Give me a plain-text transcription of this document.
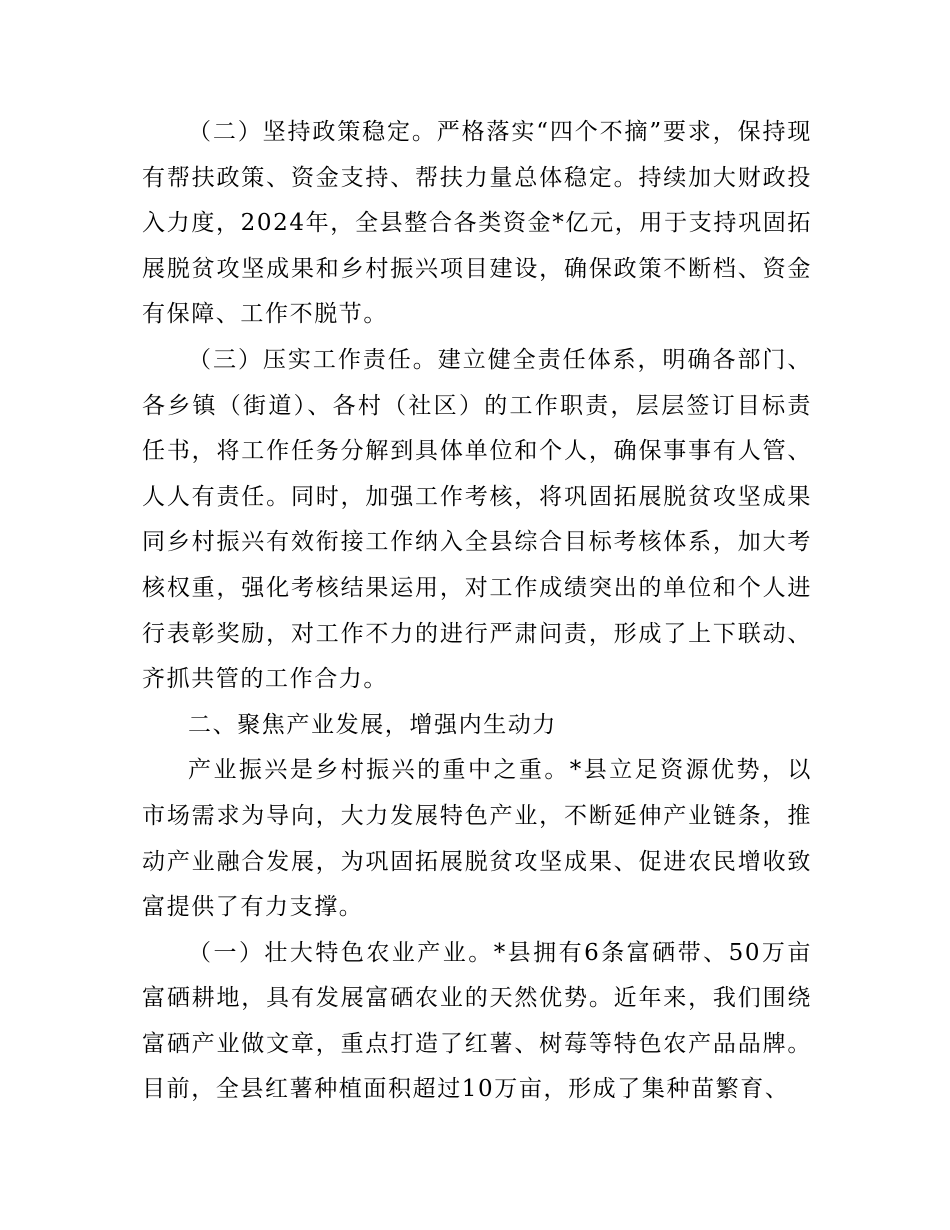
（二）坚持政策稳定。严格落实“四个不摘”要求，保持现有帮扶政策、资金支持、帮扶力量总体稳定。持续加大财政投入力度，2024年，全县整合各类资金*亿元，用于支持巩固拓展脱贫攻坚成果和乡村振兴项目建设，确保政策不断档、资金有保障、工作不脱节。

（三）压实工作责任。建立健全责任体系，明确各部门、各乡镇（街道）、各村（社区）的工作职责，层层签订目标责任书，将工作任务分解到具体单位和个人，确保事事有人管、人人有责任。同时，加强工作考核，将巩固拓展脱贫攻坚成果同乡村振兴有效衔接工作纳入全县综合目标考核体系，加大考核权重，强化考核结果运用，对工作成绩突出的单位和个人进行表彰奖励，对工作不力的进行严肃问责，形成了上下联动、齐抓共管的工作合力。

二、聚焦产业发展，增强内生动力

产业振兴是乡村振兴的重中之重。*县立足资源优势，以市场需求为导向，大力发展特色产业，不断延伸产业链条，推动产业融合发展，为巩固拓展脱贫攻坚成果、促进农民增收致富提供了有力支撑。

（一）壮大特色农业产业。*县拥有6条富硒带、50万亩富硒耕地，具有发展富硒农业的天然优势。近年来，我们围绕富硒产业做文章，重点打造了红薯、树莓等特色农产品品牌。目前，全县红薯种植面积超过10万亩，形成了集种苗繁育、
